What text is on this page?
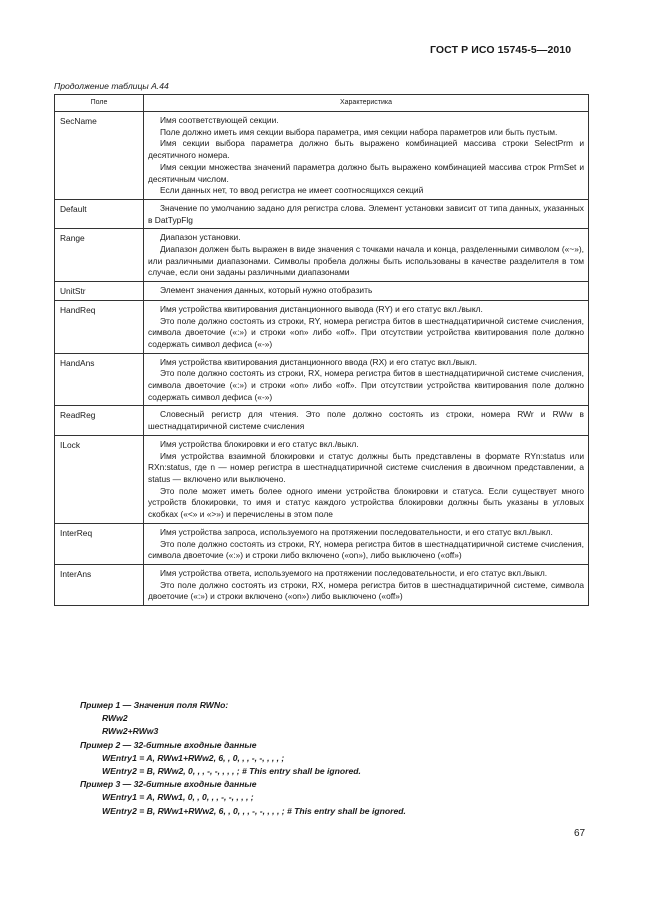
ГОСТ Р ИСО 15745-5—2010
Продолжение таблицы А.44
Поле	Характеристика
SecName	Имя соответствующей секции.
Поле должно иметь имя секции выбора параметра, имя секции набора параметров или быть пустым.
Имя секции выбора параметра должно быть выражено комбинацией массива строки SelectPrm и десятичного номера.
Имя секции множества значений параметра должно быть выражено комбинацией массива строк PrmSet и десятичным числом.
Если данных нет, то ввод регистра не имеет соотносящихся секций

Default	Значение по умолчанию задано для регистра слова. Элемент установки зависит от типа данных, указанных в DatTypFlg

Range	Диапазон установки.
Диапазон должен быть выражен в виде значения с точками начала и конца, разделенными символом («~»), или различными диапазонами. Символы пробела должны быть использованы в качестве разделителя в том случае, если они заданы различными диапазонами

UnitStr	Элемент значения данных, который нужно отобразить

HandReq	Имя устройства квитирования дистанционного вывода (RY) и его статус вкл./выкл.
Это поле должно состоять из строки, RY, номера регистра битов в шестнадцатиричной системе счисления, символа двоеточие («:») и строки «on» либо «off». При отсутствии устройства квитирования поле должно содержать символ дефиса («-»)

HandAns	Имя устройства квитирования дистанционного ввода (RX) и его статус вкл./выкл.
Это поле должно состоять из строки, RX, номера регистра битов в шестнадцатиричной системе счисления, символа двоеточие («:») и строки «on» либо «off». При отсутствии устройства квитирования поле должно содержать символ дефиса («-»)

ReadReg	Словесный регистр для чтения. Это поле должно состоять из строки, номера RWr и RWw в шестнадцатиричной системе счисления

ILock	Имя устройства блокировки и его статус вкл./выкл.
Имя устройства взаимной блокировки и статус должны быть представлены в формате RYn:status или RXn:status, где n — номер регистра в шестнадцатиричной системе счисления в двоичном представлении, а status — включено или выключено.
Это поле может иметь более одного имени устройства блокировки и статуса. Если существует много устройств блокировки, то имя и статус каждого устройства блокировки должны быть указаны в угловых скобках («<» и «>») и перечислены в этом поле

InterReq	Имя устройства запроса, используемого на протяжении последовательности, и его статус вкл./выкл.
Это поле должно состоять из строки, RY, номера регистра битов в шестнадцатиричной системе счисления, символа двоеточие («:») и строки либо включено («on»), либо выключено («off»)

InterAns	Имя устройства ответа, используемого на протяжении последовательности, и его статус вкл./выкл.
Это поле должно состоять из строки, RX, номера регистра битов в шестнадцатиричной системе, символа двоеточие («:») и строки включено («on») либо выключено («off»)
Пример 1 — Значения поля RWNo:
RWw2
RWw2+RWw3
Пример 2 — 32-битные входные данные
WEntry1 = A, RWw1+RWw2, 6, , 0, , , -, -, , , , ;
WEntry2 = B, RWw2, 0, , , -, -, , , , ; # This entry shall be ignored.
Пример 3 — 32-битные входные данные
WEntry1 = A, RWw1, 0, , 0, , , -, -, , , , ;
WEntry2 = B, RWw1+RWw2, 6, , 0, , , -, -, , , , ; # This entry shall be ignored.
67
